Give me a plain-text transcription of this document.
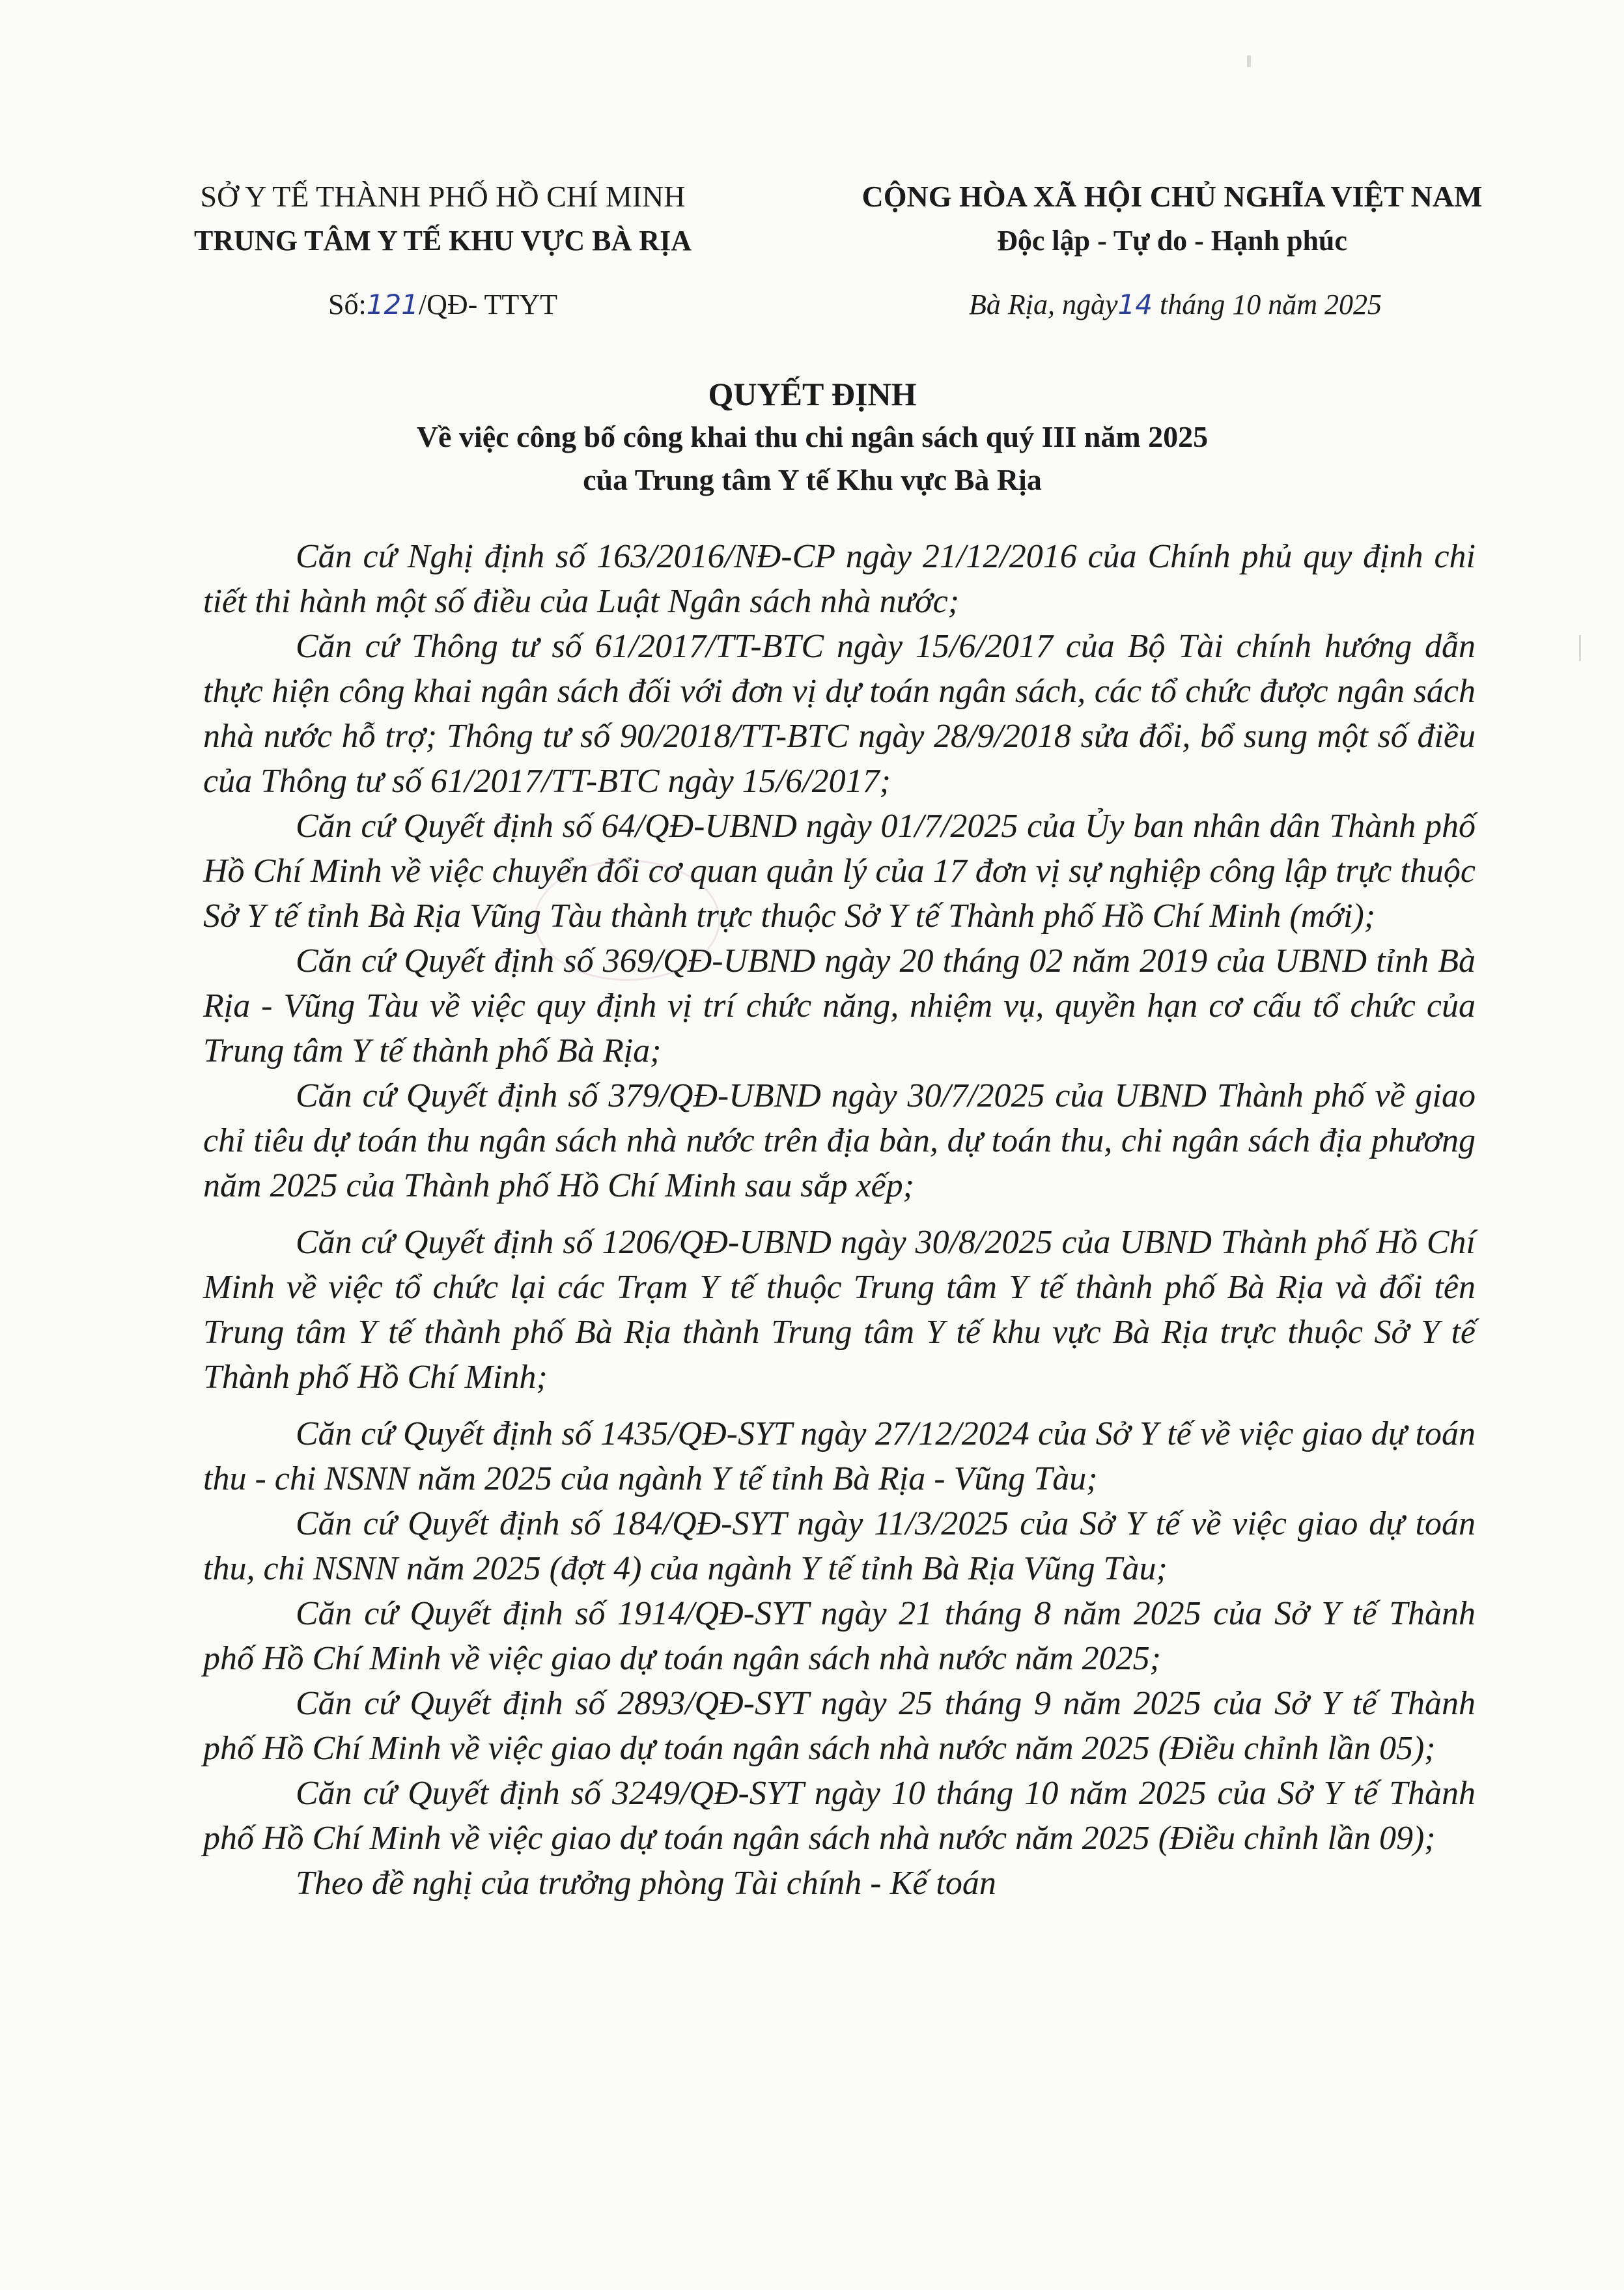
SỞ Y TẾ THÀNH PHỐ HỒ CHÍ MINH
TRUNG TÂM Y TẾ KHU VỰC BÀ RỊA
CỘNG HÒA XÃ HỘI CHỦ NGHĨA VIỆT NAM
Độc lập - Tự do - Hạnh phúc
Số:121/QĐ- TTYT	Bà Rịa, ngày14 tháng 10 năm 2025
QUYẾT ĐỊNH
Về việc công bố công khai thu chi ngân sách quý III năm 2025
của Trung tâm Y tế Khu vực Bà Rịa

Căn cứ Nghị định số 163/2016/NĐ-CP ngày 21/12/2016 của Chính phủ quy định chi tiết thi hành một số điều của Luật Ngân sách nhà nước;

Căn cứ Thông tư số 61/2017/TT-BTC ngày 15/6/2017 của Bộ Tài chính hướng dẫn thực hiện công khai ngân sách đối với đơn vị dự toán ngân sách, các tổ chức được ngân sách nhà nước hỗ trợ; Thông tư số 90/2018/TT-BTC ngày 28/9/2018 sửa đổi, bổ sung một số điều của Thông tư số 61/2017/TT-BTC ngày 15/6/2017;

Căn cứ Quyết định số 64/QĐ-UBND ngày 01/7/2025 của Ủy ban nhân dân Thành phố Hồ Chí Minh về việc chuyển đổi cơ quan quản lý của 17 đơn vị sự nghiệp công lập trực thuộc Sở Y tế tỉnh Bà Rịa Vũng Tàu thành trực thuộc Sở Y tế Thành phố Hồ Chí Minh (mới);

Căn cứ Quyết định số 369/QĐ-UBND ngày 20 tháng 02 năm 2019 của UBND tỉnh Bà Rịa - Vũng Tàu về việc quy định vị trí chức năng, nhiệm vụ, quyền hạn cơ cấu tổ chức của Trung tâm Y tế thành phố Bà Rịa;

Căn cứ Quyết định số 379/QĐ-UBND ngày 30/7/2025 của UBND Thành phố về giao chỉ tiêu dự toán thu ngân sách nhà nước trên địa bàn, dự toán thu, chi ngân sách địa phương năm 2025 của Thành phố Hồ Chí Minh sau sắp xếp;

Căn cứ Quyết định số 1206/QĐ-UBND ngày 30/8/2025 của UBND Thành phố Hồ Chí Minh về việc tổ chức lại các Trạm Y tế thuộc Trung tâm Y tế thành phố Bà Rịa và đổi tên Trung tâm Y tế thành phố Bà Rịa thành Trung tâm Y tế khu vực Bà Rịa trực thuộc Sở Y tế Thành phố Hồ Chí Minh;

Căn cứ Quyết định số 1435/QĐ-SYT ngày 27/12/2024 của Sở Y tế về việc giao dự toán thu - chi NSNN năm 2025 của ngành Y tế tỉnh Bà Rịa - Vũng Tàu;

Căn cứ Quyết định số 184/QĐ-SYT ngày 11/3/2025 của Sở Y tế về việc giao dự toán thu, chi NSNN năm 2025 (đợt 4) của ngành Y tế tỉnh Bà Rịa Vũng Tàu;

Căn cứ Quyết định số 1914/QĐ-SYT ngày 21 tháng 8 năm 2025 của Sở Y tế Thành phố Hồ Chí Minh về việc giao dự toán ngân sách nhà nước năm 2025;

Căn cứ Quyết định số 2893/QĐ-SYT ngày 25 tháng 9 năm 2025 của Sở Y tế Thành phố Hồ Chí Minh về việc giao dự toán ngân sách nhà nước năm 2025 (Điều chỉnh lần 05);

Căn cứ Quyết định số 3249/QĐ-SYT ngày 10 tháng 10 năm 2025 của Sở Y tế Thành phố Hồ Chí Minh về việc giao dự toán ngân sách nhà nước năm 2025 (Điều chỉnh lần 09);

Theo đề nghị của trưởng phòng Tài chính - Kế toán
